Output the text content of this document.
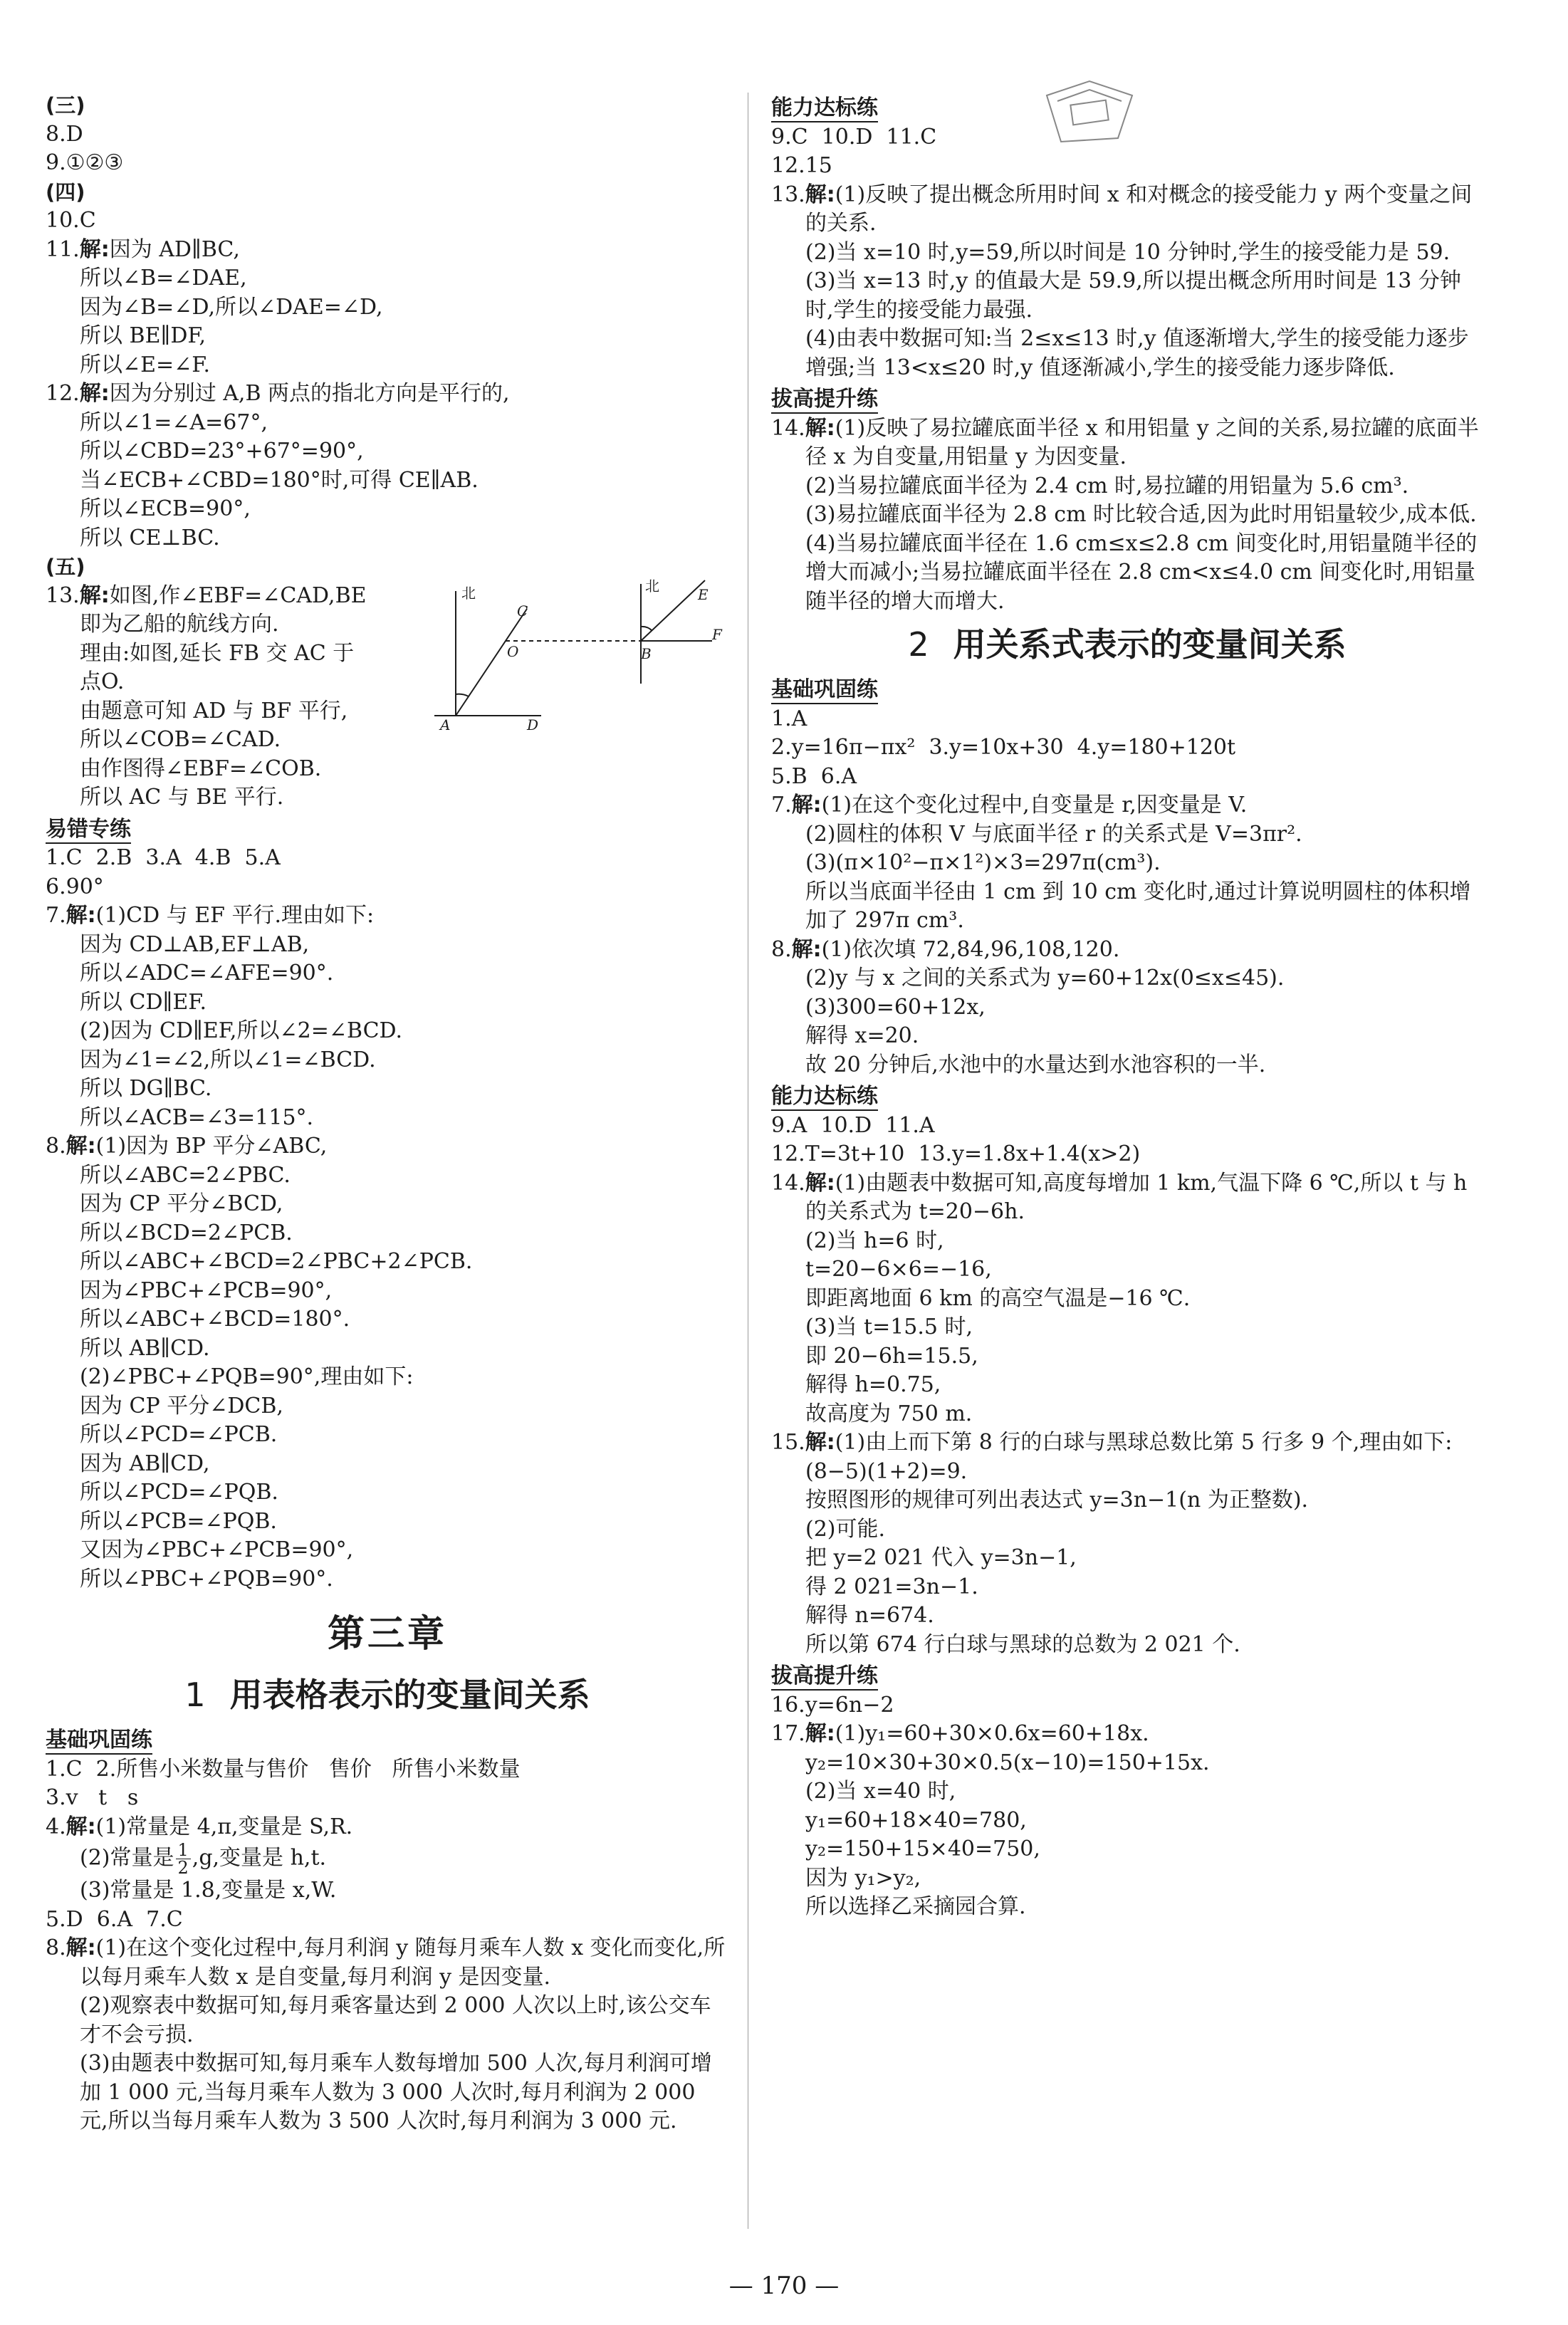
(三)
8.D
9.①②③
(四)
10.C
11.解:因为 AD∥BC,
所以∠B=∠DAE,
因为∠B=∠D,所以∠DAE=∠D,
所以 BE∥DF,
所以∠E=∠F.
12.解:因为分别过 A,B 两点的指北方向是平行的,
所以∠1=∠A=67°,
所以∠CBD=23°+67°=90°,
当∠ECB+∠CBD=180°时,可得 CE∥AB.
所以∠ECB=90°,
所以 CE⊥BC.
(五)
13.解:如图,作∠EBF=∠CAD,BE
即为乙船的航线方向.
理由:如图,延长 FB 交 AC 于
点O.
由题意可知 AD 与 BF 平行,
所以∠COB=∠CAD.
由作图得∠EBF=∠COB.
所以 AC 与 BE 平行.
易错专练
1.C  2.B  3.A  4.B  5.A
6.90°
7.解:(1)CD 与 EF 平行.理由如下:
因为 CD⊥AB,EF⊥AB,
所以∠ADC=∠AFE=90°.
所以 CD∥EF.
(2)因为 CD∥EF,所以∠2=∠BCD.
因为∠1=∠2,所以∠1=∠BCD.
所以 DG∥BC.
所以∠ACB=∠3=115°.
8.解:(1)因为 BP 平分∠ABC,
所以∠ABC=2∠PBC.
因为 CP 平分∠BCD,
所以∠BCD=2∠PCB.
所以∠ABC+∠BCD=2∠PBC+2∠PCB.
因为∠PBC+∠PCB=90°,
所以∠ABC+∠BCD=180°.
所以 AB∥CD.
(2)∠PBC+∠PQB=90°,理由如下:
因为 CP 平分∠DCB,
所以∠PCD=∠PCB.
因为 AB∥CD,
所以∠PCD=∠PQB.
所以∠PCB=∠PQB.
又因为∠PBC+∠PCB=90°,
所以∠PBC+∠PQB=90°.
第三章
1 用表格表示的变量间关系
基础巩固练
1.C  2.所售小米数量与售价   售价   所售小米数量
3.v   t   s
4.解:(1)常量是 4,π,变量是 S,R.
(2)常量是 $\frac{1}{2} ,g$,变量是 h,t.
(3)常量是 1.8,变量是 x,W.
5.D  6.A  7.C
8.解:(1)在这个变化过程中,每月利润 y 随每月乘车人数 x 变化而变化,所以每月乘车人数 x 是自变量,每月利润 y 是因变量.
(2)观察表中数据可知,每月乘客量达到 2 000 人次以上时,该公交车才不会亏损.
(3)由题表中数据可知,每月乘车人数每增加 500 人次,每月利润可增加 1 000 元,当每月乘车人数为 3 000 人次时,每月利润为 2 000 元,所以当每月乘车人数为 3 500 人次时,每月利润为 3 000 元.
能力达标练
9.C  10.D  11.C
12.15
13.解:(1)反映了提出概念所用时间 x 和对概念的接受能力 y 两个变量之间的关系.
(2)当 x=10 时,y=59,所以时间是 10 分钟时,学生的接受能力是 59.
(3)当 x=13 时,y 的值最大是 59.9,所以提出概念所用时间是 13 分钟时,学生的接受能力最强.
(4)由表中数据可知:当 2≤x≤13 时,y 值逐渐增大,学生的接受能力逐步增强;当 13<x≤20 时,y 值逐渐减小,学生的接受能力逐步降低.
拔高提升练
14.解:(1)反映了易拉罐底面半径 x 和用铝量 y 之间的关系,易拉罐的底面半径 x 为自变量,用铝量 y 为因变量.
(2)当易拉罐底面半径为 2.4 cm 时,易拉罐的用铝量为 5.6 cm³.
(3)易拉罐底面半径为 2.8 cm 时比较合适,因为此时用铝量较少,成本低.
(4)当易拉罐底面半径在 1.6 cm≤x≤2.8 cm 间变化时,用铝量随半径的增大而减小;当易拉罐底面半径在 2.8 cm<x≤4.0 cm 间变化时,用铝量随半径的增大而增大.
2 用关系式表示的变量间关系
基础巩固练
1.A
2.y=16π−πx²  3.y=10x+30  4.y=180+120t
5.B  6.A
7.解:(1)在这个变化过程中,自变量是 r,因变量是 V.
(2)圆柱的体积 V 与底面半径 r 的关系式是 V=3πr².
(3)(π×10²−π×1²)×3=297π(cm³).
所以当底面半径由 1 cm 到 10 cm 变化时,通过计算说明圆柱的体积增加了 297π cm³.
8.解:(1)依次填 72,84,96,108,120.
(2)y 与 x 之间的关系式为 y=60+12x(0≤x≤45).
(3)300=60+12x,
解得 x=20.
故 20 分钟后,水池中的水量达到水池容积的一半.
能力达标练
9.A  10.D  11.A
12.T=3t+10  13.y=1.8x+1.4(x>2)
14.解:(1)由题表中数据可知,高度每增加 1 km,气温下降 6 ℃,所以 t 与 h 的关系式为 t=20−6h.
(2)当 h=6 时,
t=20−6×6=−16,
即距离地面 6 km 的高空气温是−16 ℃.
(3)当 t=15.5 时,
即 20−6h=15.5,
解得 h=0.75,
故高度为 750 m.
15.解:(1)由上而下第 8 行的白球与黑球总数比第 5 行多 9 个,理由如下:
(8−5)(1+2)=9.
按照图形的规律可列出表达式 y=3n−1(n 为正整数).
(2)可能.
把 y=2 021 代入 y=3n−1,
得 2 021=3n−1.
解得 n=674.
所以第 674 行白球与黑球的总数为 2 021 个.
拔高提升练
16.y=6n−2
17.解:(1)y₁=60+30×0.6x=60+18x.
y₂=10×30+30×0.5(x−10)=150+15x.
(2)当 x=40 时,
y₁=60+18×40=780,
y₂=150+15×40=750,
因为 y₁>y₂,
所以选择乙采摘园合算.
北	北
A	D
C
O	B
E
F
— 170 —
